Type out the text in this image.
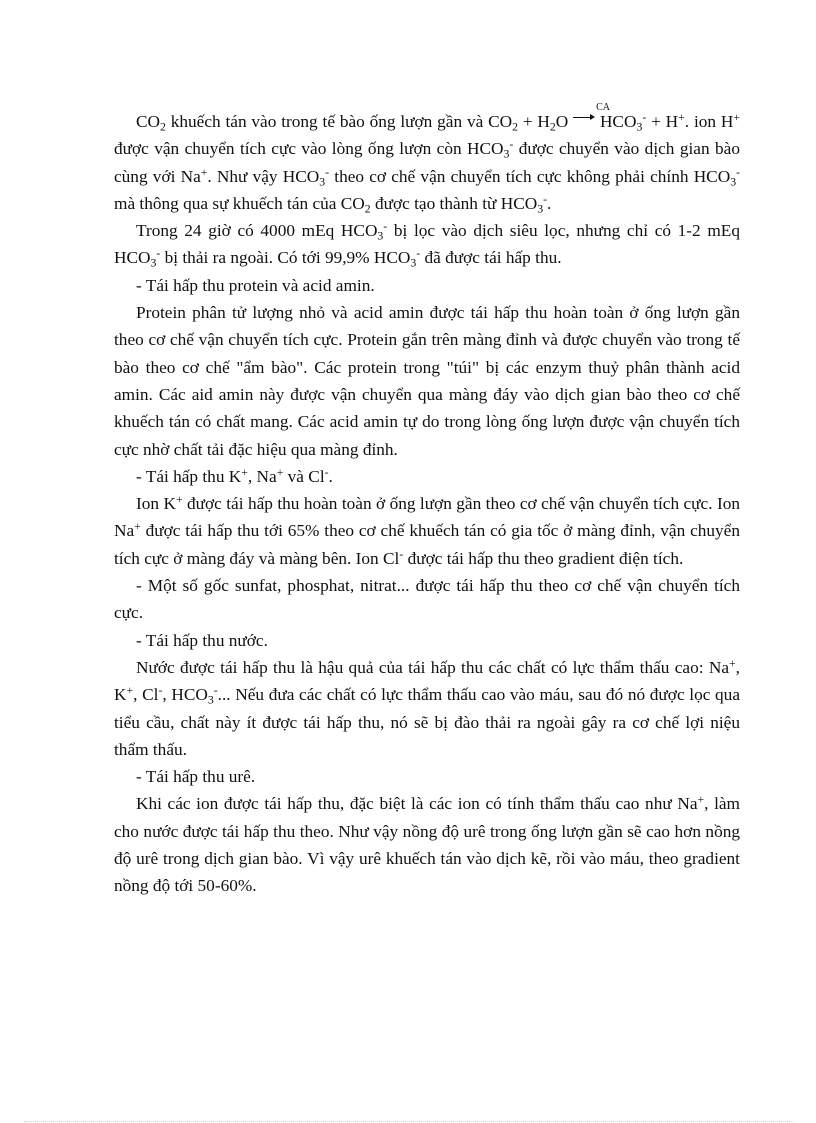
$CO_2$ khuếch tán vào trong tế bào ống lượn gần và $CO_2 + H_2O$
CA
$HCO_3^- + H^+$. ion H+ được vận chuyển tích cực vào lòng ống lượn còn $HCO_3^-$ được chuyển vào dịch gian bào cùng với Na+. Như vậy $HCO_3^-$ theo cơ chế vận chuyển tích cực không phải chính $HCO_3^-$ mà thông qua sự khuếch tán của $CO_2$ được tạo thành từ $HCO_3^-$.

Trong 24 giờ có 4000 mEq $HCO_3^-$ bị lọc vào dịch siêu lọc, nhưng chỉ có 1-2 mEq $HCO_3^-$ bị thải ra ngoài. Có tới 99,9% $HCO_3^-$ đã được tái hấp thu.

- Tái hấp thu protein và acid amin.

Protein phân tử lượng nhỏ và acid amin được tái hấp thu hoàn toàn ở ống lượn gần theo cơ chế vận chuyển tích cực. Protein gắn trên màng đỉnh và được chuyển vào trong tế bào theo cơ chế "ẩm bào". Các protein trong "túi" bị các enzym thuỷ phân thành acid amin. Các aid amin này được vận chuyển qua màng đáy vào dịch gian bào theo cơ chế khuếch tán có chất mang. Các acid amin tự do trong lòng ống lượn được vận chuyển tích cực nhờ chất tải đặc hiệu qua màng đỉnh.

- Tái hấp thu K+, Na+ và Cl-.

Ion K+ được tái hấp thu hoàn toàn ở ống lượn gần theo cơ chế vận chuyển tích cực. Ion Na+ được tái hấp thu tới 65% theo cơ chế khuếch tán có gia tốc ở màng đỉnh, vận chuyển tích cực ở màng đáy và màng bên. Ion Cl- được tái hấp thu theo gradient điện tích.

- Một số gốc sunfat, phosphat, nitrat... được tái hấp thu theo cơ chế vận chuyển tích cực.

- Tái hấp thu nước.

Nước được tái hấp thu là hậu quả của tái hấp thu các chất có lực thẩm thấu cao: Na+, K+, Cl-, $HCO_3^-$... Nếu đưa các chất có lực thẩm thấu cao vào máu, sau đó nó được lọc qua tiểu cầu, chất này ít được tái hấp thu, nó sẽ bị đào thải ra ngoài gây ra cơ chế lợi niệu thẩm thấu.

- Tái hấp thu urê.

Khi các ion được tái hấp thu, đặc biệt là các ion có tính thẩm thấu cao như Na+, làm cho nước được tái hấp thu theo. Như vậy nồng độ urê trong ống lượn gần sẽ cao hơn nồng độ urê trong dịch gian bào. Vì vậy urê khuếch tán vào dịch kẽ, rồi vào máu, theo gradient nồng độ tới 50-60%.
